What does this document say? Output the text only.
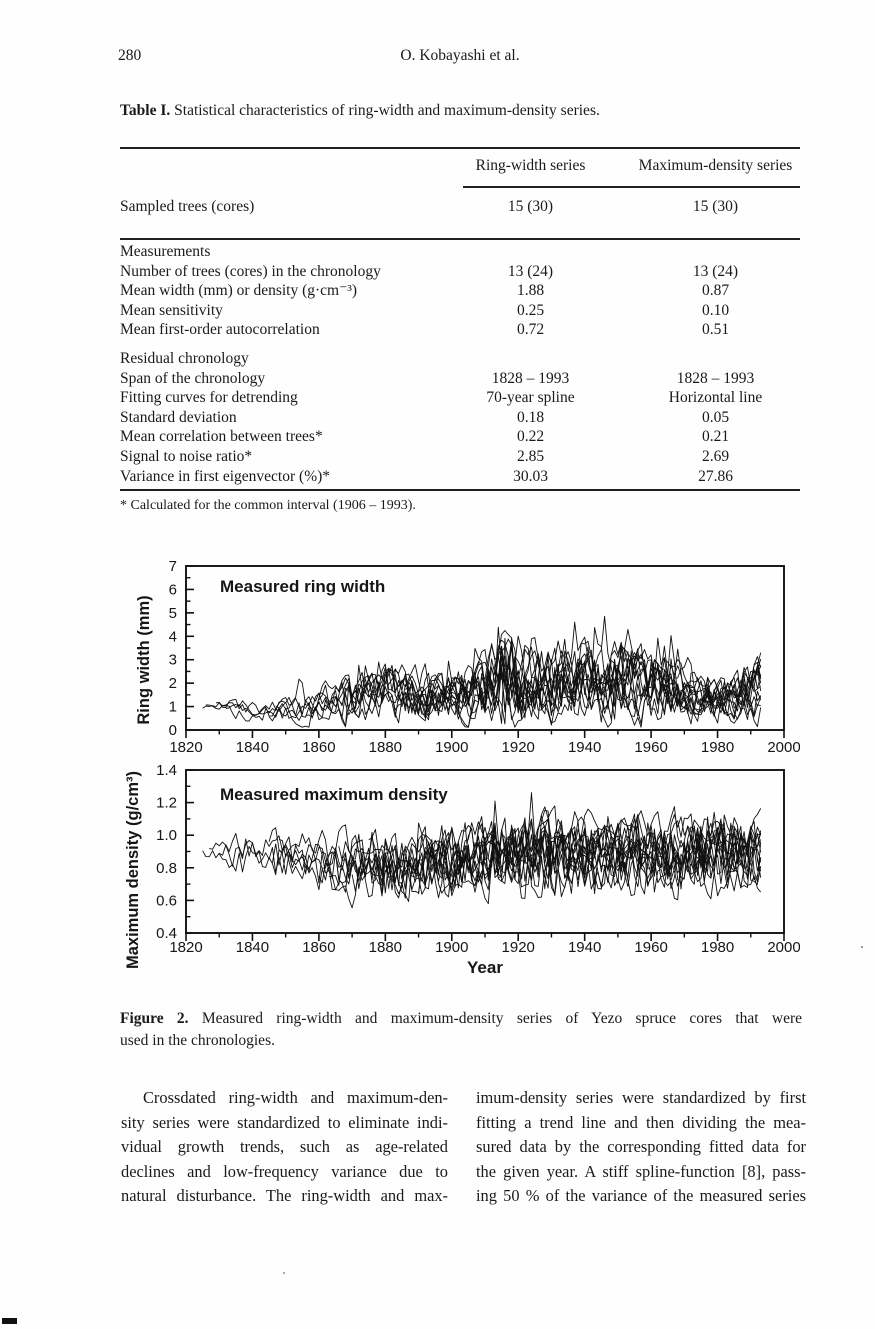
280	O. Kobayashi et al.
Table I. Statistical characteristics of ring-width and maximum-density series.
Ring-width series	Maximum-density series
Sampled trees (cores)	15 (30)	15 (30)
Measurements
Number of trees (cores) in the chronology	13 (24)	13 (24)
Mean width (mm) or density (g·cm⁻³)	1.88	0.87
Mean sensitivity	0.25	0.10
Mean first-order autocorrelation	0.72	0.51
Residual chronology
Span of the chronology	1828 – 1993	1828 – 1993
Fitting curves for detrending	70-year spline	Horizontal line
Standard deviation	0.18	0.05
Mean correlation between trees*	0.22	0.21
Signal to noise ratio*	2.85	2.69
Variance in first eigenvector (%)*	30.03	27.86
* Calculated for the common interval (1906 – 1993).
0
1
2
3
4
5
6
7
1820 1840 1860 1880 1900 1920 1940 1960 1980 2000
Measured ring width
Ring width (mm)
0.4
0.6
0.8
1.0
1.2
1.4
1820 1840 1860 1880 1900 1920 1940 1960 1980 2000
Measured maximum density
Maximum density (g/cm³)	Year
Figure 2. Measured ring-width and maximum-density series of Yezo spruce cores that were
used in the chronologies.
Crossdated ring-width and maximum-den-
sity series were standardized to eliminate indi-
vidual growth trends, such as age-related
declines and low-frequency variance due to
natural disturbance. The ring-width and max-
imum-density series were standardized by first
fitting a trend line and then dividing the mea-
sured data by the corresponding fitted data for
the given year. A stiff spline-function [8], pass-
ing 50 % of the variance of the measured series
